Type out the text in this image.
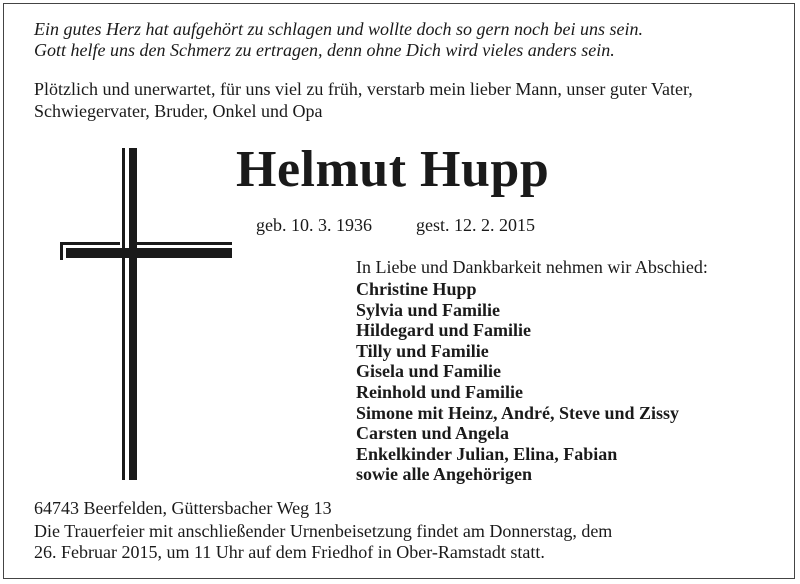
Ein gutes Herz hat aufgehört zu schlagen und wollte doch so gern noch bei uns sein.
Gott helfe uns den Schmerz zu ertragen, denn ohne Dich wird vieles anders sein.
Plötzlich und unerwartet, für uns viel zu früh, verstarb mein lieber Mann, unser guter Vater,
Schwiegervater, Bruder, Onkel und Opa
Helmut Hupp
geb. 10. 3. 1936 gest. 12. 2. 2015
In Liebe und Dankbarkeit nehmen wir Abschied:
Christine Hupp
Sylvia und Familie
Hildegard und Familie
Tilly und Familie
Gisela und Familie
Reinhold und Familie
Simone mit Heinz, André, Steve und Zissy
Carsten und Angela
Enkelkinder Julian, Elina, Fabian
sowie alle Angehörigen
64743 Beerfelden, Güttersbacher Weg 13
Die Trauerfeier mit anschließender Urnenbeisetzung findet am Donnerstag, dem
26. Februar 2015, um 11 Uhr auf dem Friedhof in Ober-Ramstadt statt.
